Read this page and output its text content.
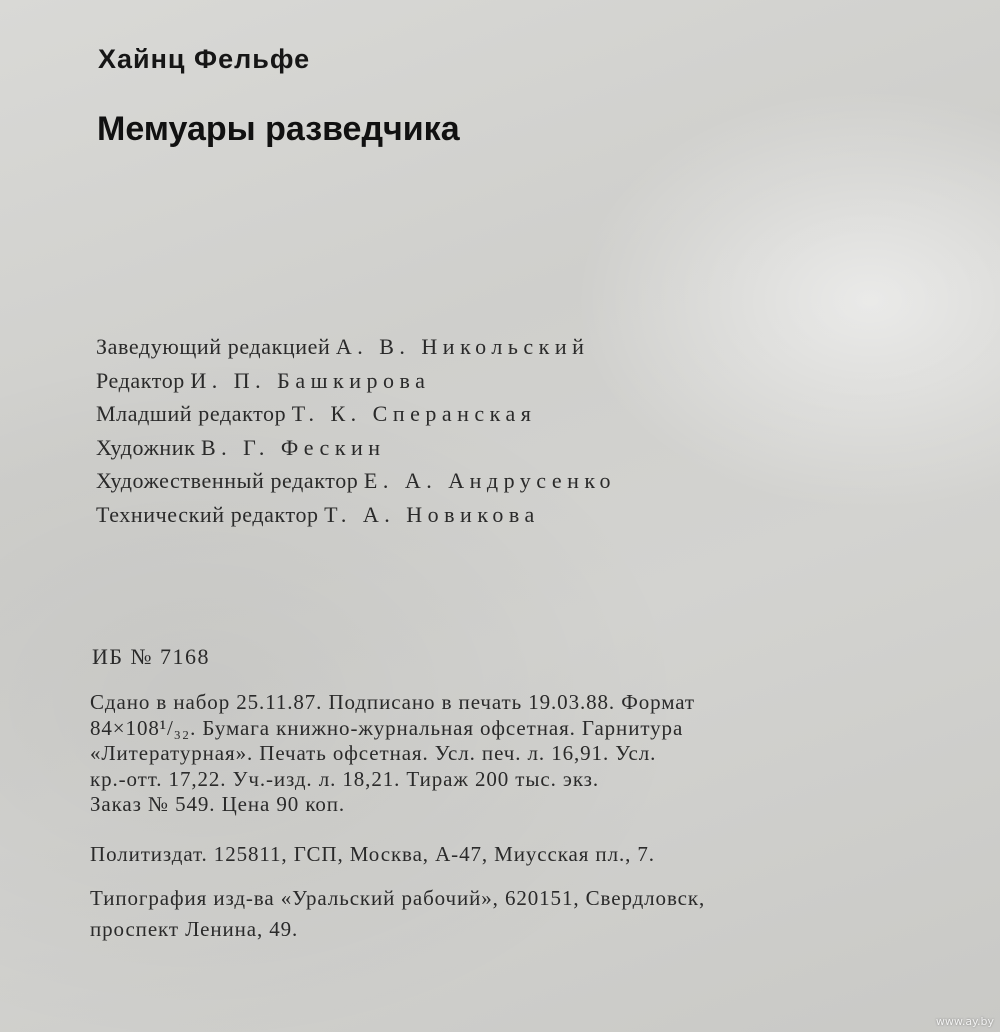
Хайнц Фельфе
Мемуары разведчика
Заведующий редакцией А. В. Никольский
Редактор И. П. Башкирова
Младший редактор Т. К. Сперанская
Художник В. Г. Фескин
Художественный редактор Е. А. Андрусенко
Технический редактор Т. А. Новикова
ИБ № 7168
Сдано в набор 25.11.87. Подписано в печать 19.03.88. Формат
84×108¹/₃₂. Бумага книжно-журнальная офсетная. Гарнитура
«Литературная». Печать офсетная. Усл. печ. л. 16,91. Усл.
кр.-отт. 17,22. Уч.-изд. л. 18,21. Тираж 200 тыс. экз.
Заказ № 549. Цена 90 коп.
Политиздат. 125811, ГСП, Москва, А-47, Миусская пл., 7.
Типография изд-ва «Уральский рабочий», 620151, Свердловск,
проспект Ленина, 49.
www.ay.by
